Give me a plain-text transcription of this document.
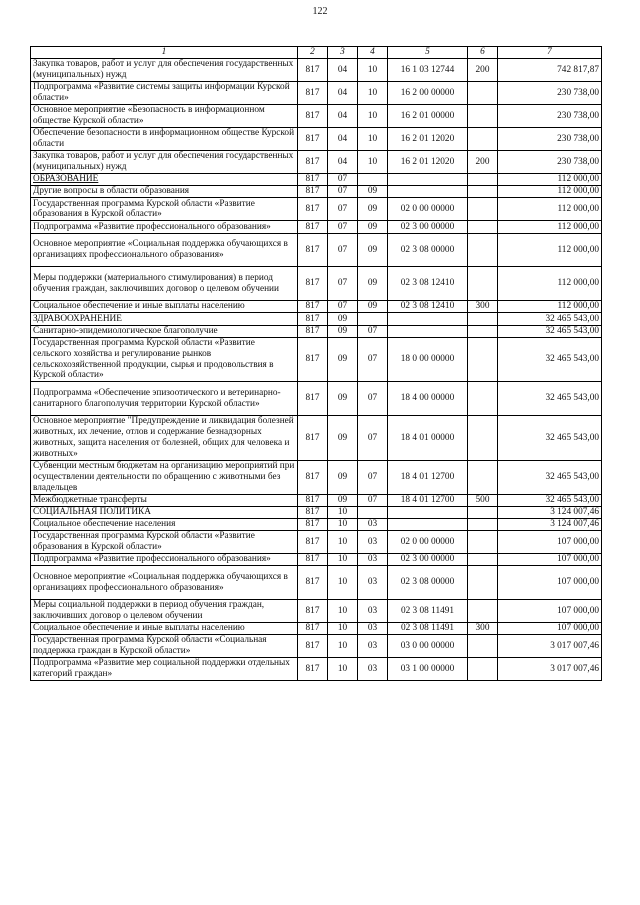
122
1	2	3	4	5	6	7
Закупка товаров, работ и услуг для обеспечения государственных (муниципальных) нужд	817	04	10	16 1 03 12744	200	742 817,87
Подпрограмма «Развитие системы защиты информации Курской области»	817	04	10	16 2 00 00000		230 738,00
Основное мероприятие «Безопасность в информационном обществе Курской области»	817	04	10	16 2 01 00000		230 738,00
Обеспечение безопасности в информационном обществе Курской области	817	04	10	16 2 01 12020		230 738,00
Закупка товаров, работ и услуг для обеспечения государственных (муниципальных) нужд	817	04	10	16 2 01 12020	200	230 738,00
ОБРАЗОВАНИЕ	817	07				112 000,00
Другие вопросы в области образования	817	07	09			112 000,00
Государственная программа Курской области «Развитие образования в Курской области»	817	07	09	02 0 00 00000		112 000,00
Подпрограмма «Развитие профессионального образования»	817	07	09	02 3 00 00000		112 000,00
Основное мероприятие «Социальная поддержка обучающихся в организациях профессионального образования»	817	07	09	02 3 08 00000		112 000,00
Меры поддержки (материального стимулирования) в период обучения граждан, заключивших договор о целевом обучении	817	07	09	02 3 08 12410		112 000,00
Социальное обеспечение и иные выплаты населению	817	07	09	02 3 08 12410	300	112 000,00
ЗДРАВООХРАНЕНИЕ	817	09				32 465 543,00
Санитарно-эпидемиологическое благополучие	817	09	07			32 465 543,00
Государственная программа Курской области «Развитие сельского хозяйства и регулирование рынков сельскохозяйственной продукции, сырья и продовольствия в Курской области»	817	09	07	18 0 00 00000		32 465 543,00
Подпрограмма «Обеспечение эпизоотического и ветеринарно-санитарного благополучия территории Курской области»	817	09	07	18 4 00 00000		32 465 543,00
Основное мероприятие "Предупреждение и ликвидация болезней животных, их лечение, отлов и содержание безнадзорных животных, защита населения от болезней, общих для человека и животных»	817	09	07	18 4 01 00000		32 465 543,00
Субвенции местным бюджетам на организацию мероприятий при осуществлении деятельности по обращению с животными без владельцев	817	09	07	18 4 01 12700		32 465 543,00
Межбюджетные трансферты	817	09	07	18 4 01 12700	500	32 465 543,00
СОЦИАЛЬНАЯ ПОЛИТИКА	817	10				3 124 007,46
Социальное обеспечение населения	817	10	03			3 124 007,46
Государственная программа Курской области «Развитие образования в Курской области»	817	10	03	02 0 00 00000		107 000,00
Подпрограмма «Развитие профессионального образования»	817	10	03	02 3 00 00000		107 000,00
Основное мероприятие «Социальная поддержка обучающихся в организациях профессионального образования»	817	10	03	02 3 08 00000		107 000,00
Меры социальной поддержки в период обучения граждан, заключивших договор о целевом обучении	817	10	03	02 3 08 11491		107 000,00
Социальное обеспечение и иные выплаты населению	817	10	03	02 3 08 11491	300	107 000,00
Государственная программа Курской области «Социальная поддержка граждан в Курской области»	817	10	03	03 0 00 00000		3 017 007,46
Подпрограмма «Развитие мер социальной поддержки отдельных категорий граждан»	817	10	03	03 1 00 00000		3 017 007,46
